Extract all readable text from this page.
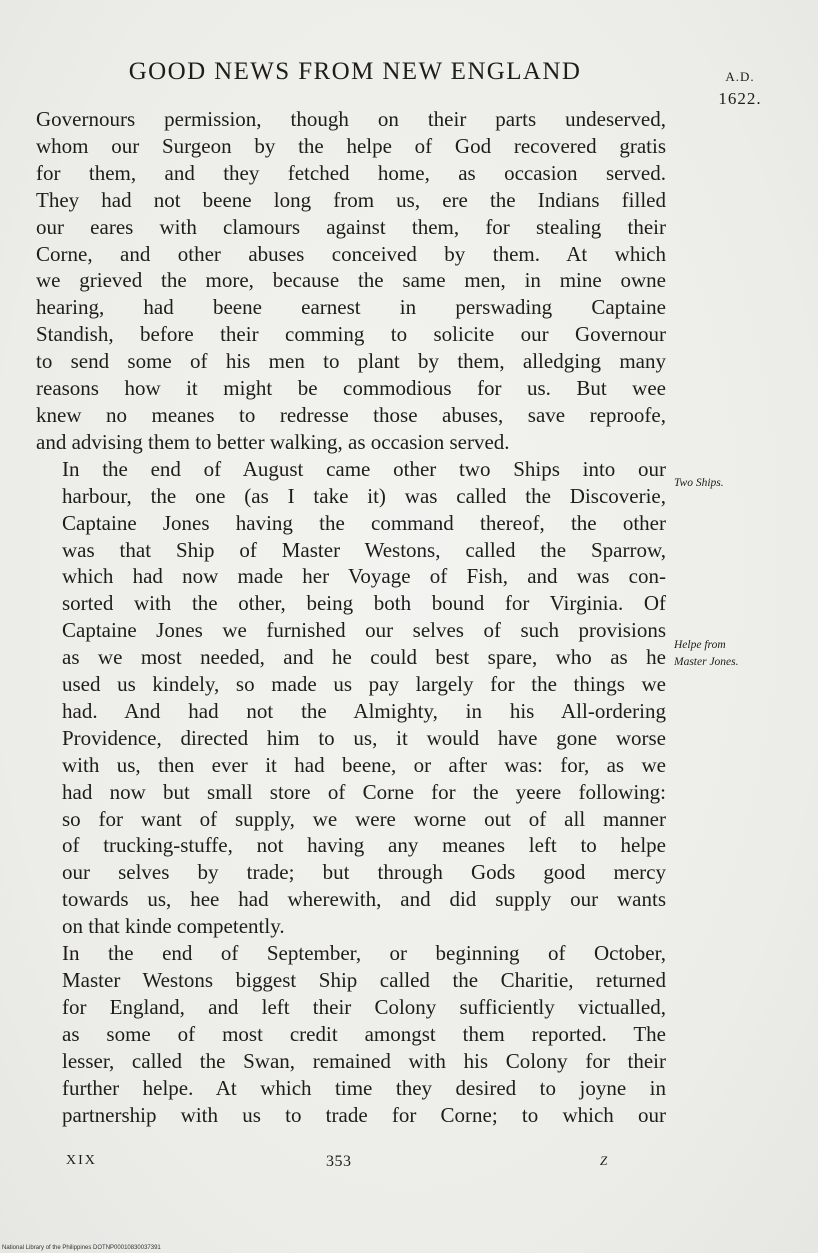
GOOD NEWS FROM NEW ENGLAND	A.D.
1622.

Governours permission, though on their parts undeserved,
whom our Surgeon by the helpe of God recovered gratis
for them, and they fetched home, as occasion served.
They had not beene long from us, ere the Indians filled
our eares with clamours against them, for stealing their
Corne, and other abuses conceived by them. At which
we grieved the more, because the same men, in mine owne
hearing, had beene earnest in perswading Captaine
Standish, before their comming to solicite our Governour
to send some of his men to plant by them, alledging many
reasons how it might be commodious for us. But wee
knew no meanes to redresse those abuses, save reproofe,
and advising them to better walking, as occasion served.

In the end of August came other two Ships into our
harbour, the one (as I take it) was called the Discoverie,
Captaine Jones having the command thereof, the other
was that Ship of Master Westons, called the Sparrow,
which had now made her Voyage of Fish, and was con-
sorted with the other, being both bound for Virginia. Of
Captaine Jones we furnished our selves of such provisions
as we most needed, and he could best spare, who as he
used us kindely, so made us pay largely for the things we
had. And had not the Almighty, in his All-ordering
Providence, directed him to us, it would have gone worse
with us, then ever it had beene, or after was: for, as we
had now but small store of Corne for the yeere following:
so for want of supply, we were worne out of all manner
of trucking-stuffe, not having any meanes left to helpe
our selves by trade; but through Gods good mercy
towards us, hee had wherewith, and did supply our wants
on that kinde competently.

In the end of September, or beginning of October,
Master Westons biggest Ship called the Charitie, returned
for England, and left their Colony sufficiently victualled,
as some of most credit amongst them reported. The
lesser, called the Swan, remained with his Colony for their
further helpe. At which time they desired to joyne in
partnership with us to trade for Corne; to which our

Two Ships.
Helpe from
Master Jones.
XIX	353	Z
National Library of the Philippines DOTNP00010830037391
